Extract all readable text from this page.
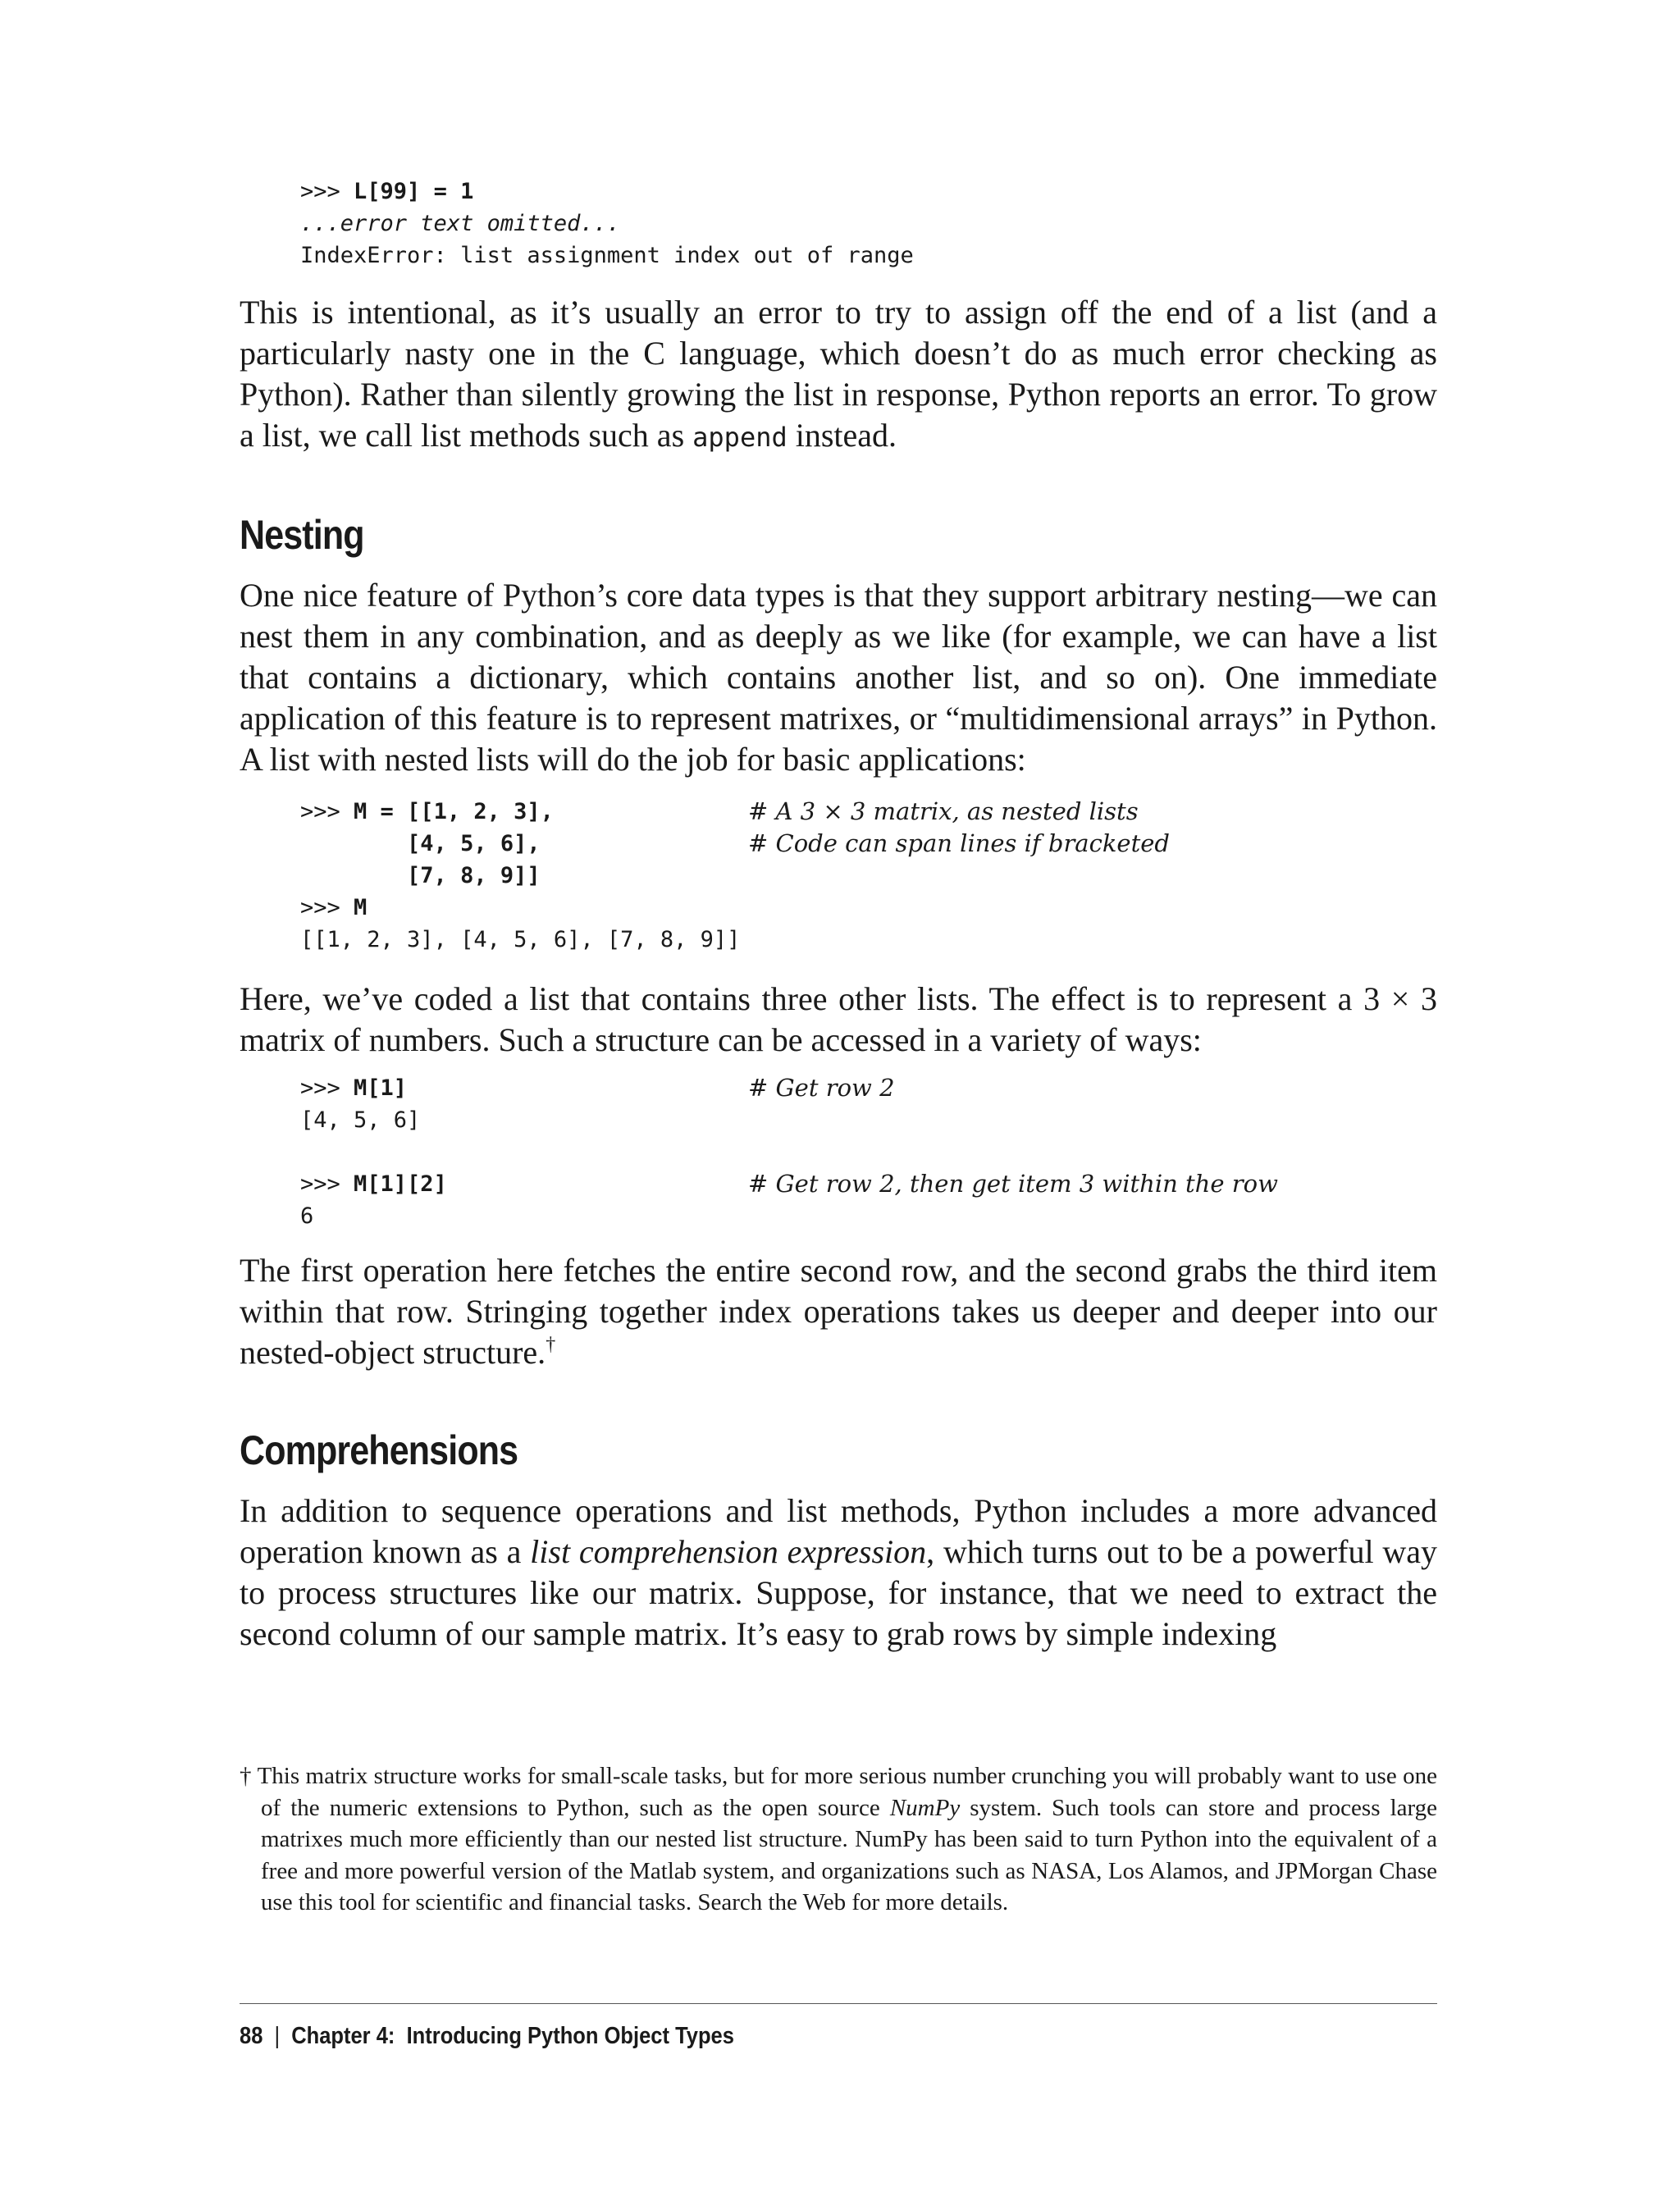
>>> L[99] = 1
...error text omitted...
IndexError: list assignment index out of range
This is intentional, as it’s usually an error to try to assign off the end of a list (and a particularly nasty one in the C language, which doesn’t do as much error checking as Python). Rather than silently growing the list in response, Python reports an error. To grow a list, we call list methods such as append instead.
Nesting
One nice feature of Python’s core data types is that they support arbitrary nesting—we can nest them in any combination, and as deeply as we like (for example, we can have a list that contains a dictionary, which contains another list, and so on). One immediate application of this feature is to represent matrixes, or “multidimensional arrays” in Python. A list with nested lists will do the job for basic applications:
>>> M = [[1, 2, 3],
[4, 5, 6],
[7, 8, 9]]
>>> M
[[1, 2, 3], [4, 5, 6], [7, 8, 9]]
# A 3 × 3 matrix, as nested lists
# Code can span lines if bracketed
Here, we’ve coded a list that contains three other lists. The effect is to represent a 3 × 3 matrix of numbers. Such a structure can be accessed in a variety of ways:
>>> M[1]
[4, 5, 6]

>>> M[1][2]
6
# Get row 2
# Get row 2, then get item 3 within the row
The first operation here fetches the entire second row, and the second grabs the third item within that row. Stringing together index operations takes us deeper and deeper into our nested-object structure.†
Comprehensions
In addition to sequence operations and list methods, Python includes a more advanced operation known as a list comprehension expression, which turns out to be a powerful way to process structures like our matrix. Suppose, for instance, that we need to extract the second column of our sample matrix. It’s easy to grab rows by simple indexing
† This matrix structure works for small-scale tasks, but for more serious number crunching you will probably want to use one of the numeric extensions to Python, such as the open source NumPy system. Such tools can store and process large matrixes much more efficiently than our nested list structure. NumPy has been said to turn Python into the equivalent of a free and more powerful version of the Matlab system, and organizations such as NASA, Los Alamos, and JPMorgan Chase use this tool for scientific and financial tasks. Search the Web for more details.
88 | Chapter 4:  Introducing Python Object Types
